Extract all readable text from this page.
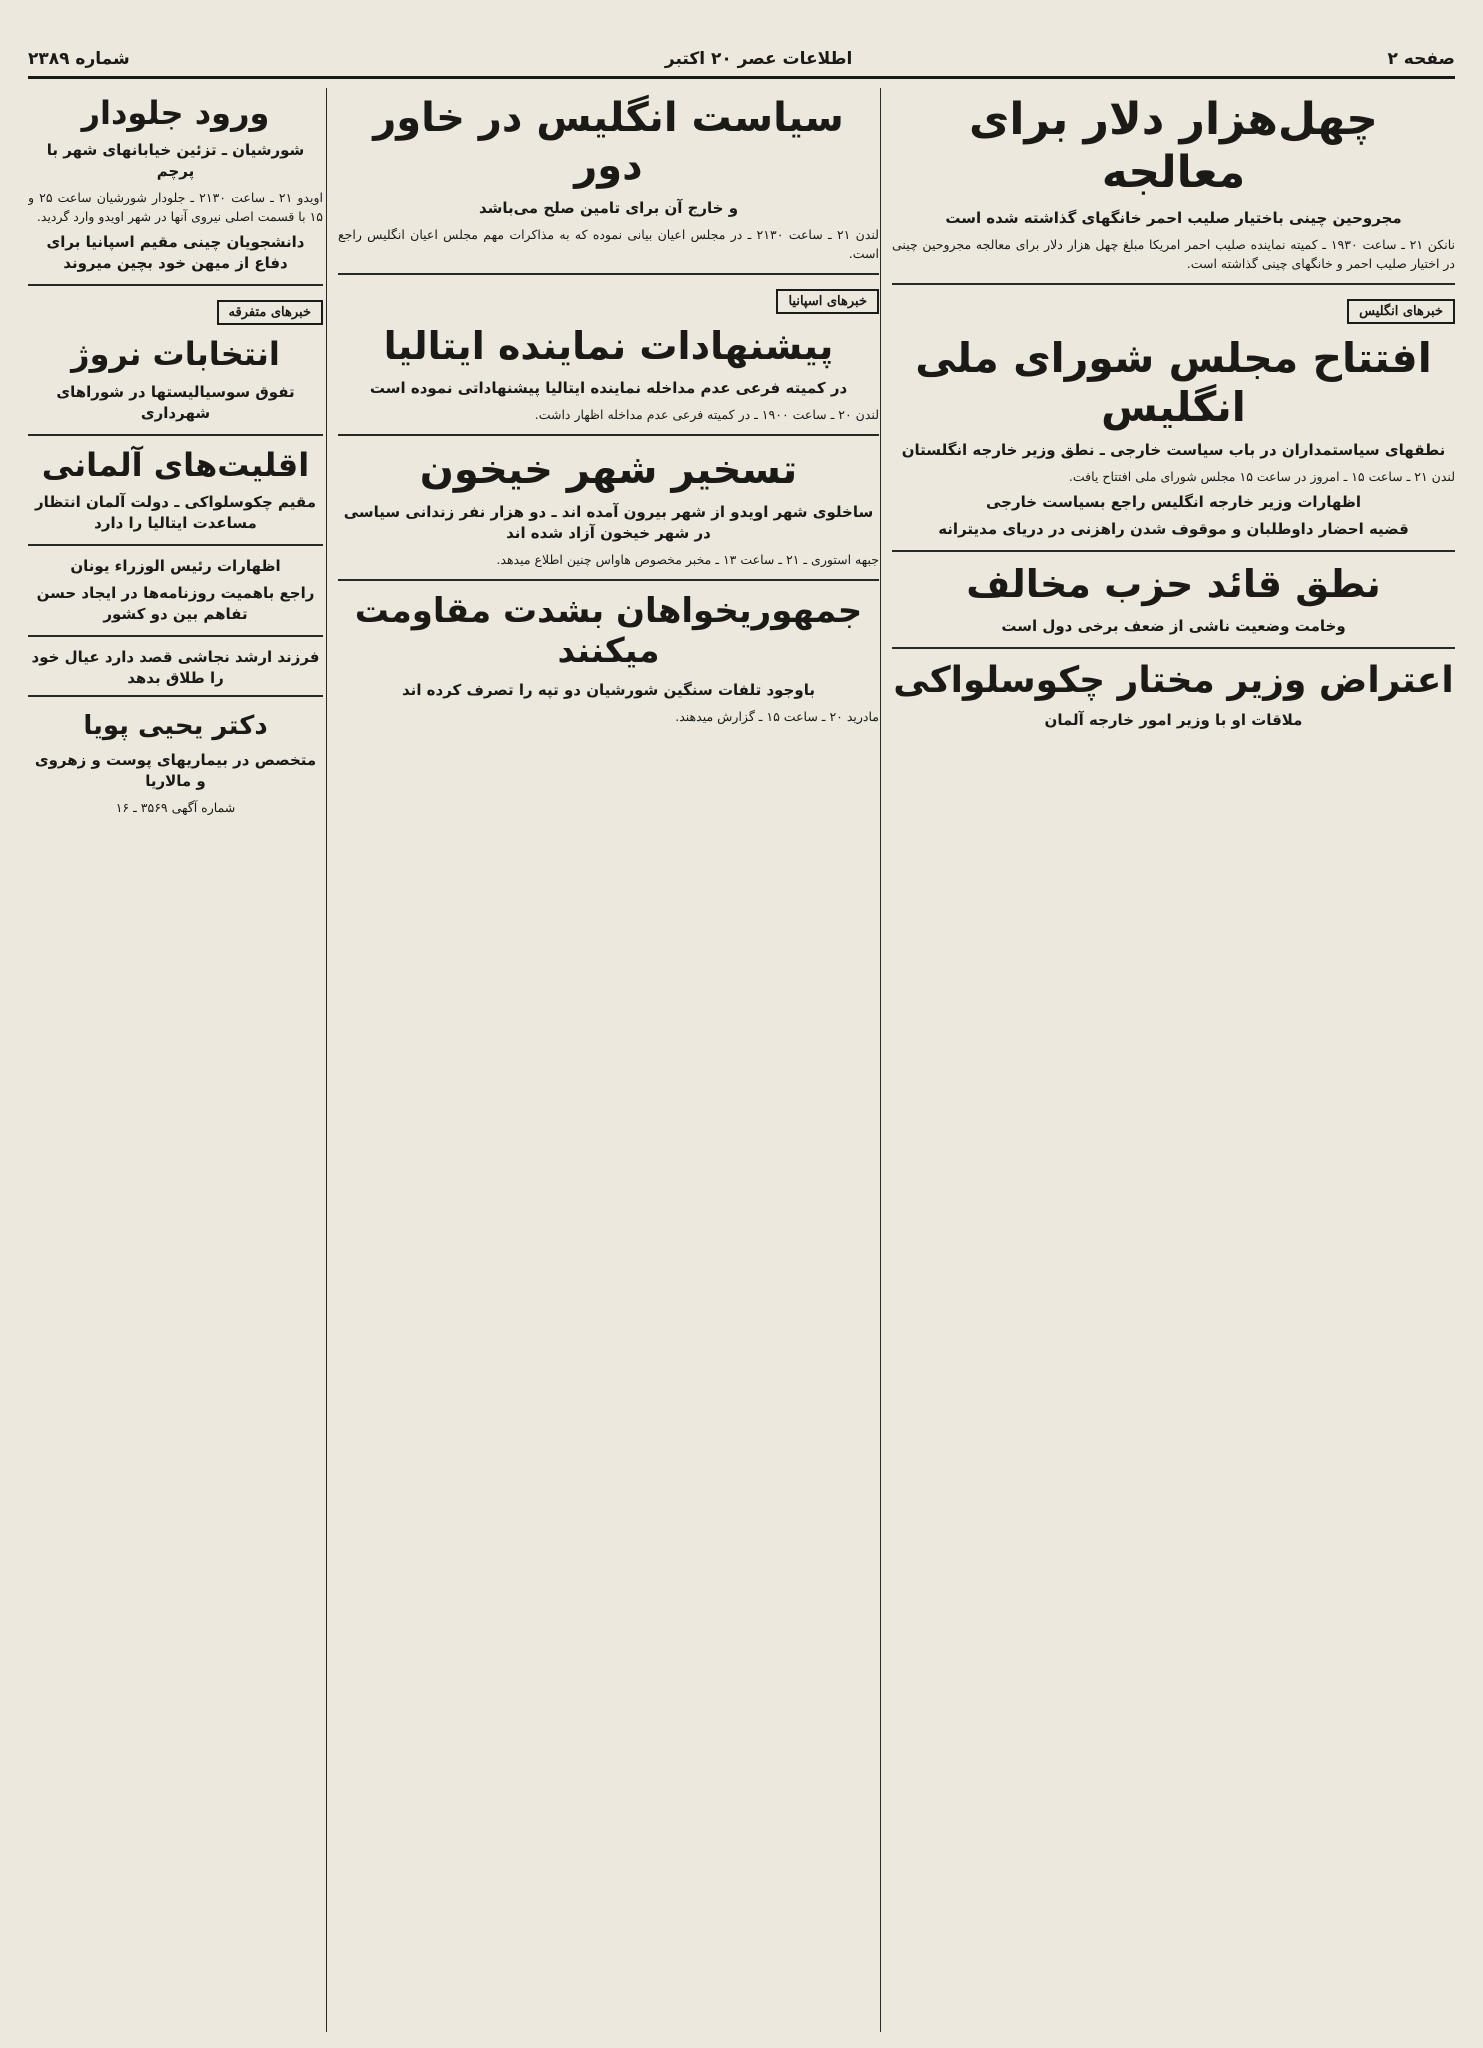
صفحه ۲
اطلاعات عصر ۲۰ اکتبر
شماره ۲۳۸۹
چهل‌هزار دلار برای معالجه
مجروحین چینی باختیار صلیب احمر خانگهای گذاشته شده است

نانکن ۲۱ ـ ساعت ۱۹۳۰ ـ کمیته نماینده صلیب احمر امریکا مبلغ چهل هزار دلار برای معالجه مجروحین چینی در اختیار صلیب احمر و خانگهای چینی گذاشته است.

خبرهای انگلیس
افتتاح مجلس شورای ملی انگلیس
نطقهای سیاستمداران در باب سیاست خارجی ـ نطق وزیر خارجه انگلستان

لندن ۲۱ ـ ساعت ۱۵ ـ امروز در ساعت ۱۵ مجلس شورای ملی افتتاح یافت.

اظهارات وزیر خارجه انگلیس راجع بسیاست خارجی
قضیه احضار داوطلبان و موقوف شدن راهزنی در دریای مدیترانه
نطق قائد حزب مخالف
وخامت وضعیت ناشی از ضعف برخی دول است
اعتراض وزیر مختار چکوسلواکی
ملاقات او با وزیر امور خارجه آلمان
سیاست انگلیس در خاور دور
و خارج آن برای تامین صلح می‌باشد

لندن ۲۱ ـ ساعت ۲۱۳۰ ـ در مجلس اعیان بیانی نموده که به مذاکرات مهم مجلس اعیان انگلیس راجع است.

خبرهای اسپانیا
پیشنهادات نماینده ایتالیا
در کمیته فرعی عدم مداخله نماینده ایتالیا پیشنهاداتی نموده است

لندن ۲۰ ـ ساعت ۱۹۰۰ ـ در کمیته فرعی عدم مداخله اظهار داشت.

تسخیر شهر خیخون
ساخلوی شهر اویدو از شهر بیرون آمده اند ـ دو هزار نفر زندانی سیاسی در شهر خیخون آزاد شده اند

جبهه استوری ـ ۲۱ ـ ساعت ۱۳ ـ مخبر مخصوص هاواس چنین اطلاع میدهد.

جمهوریخواهان بشدت مقاومت میکنند
باوجود تلفات سنگین شورشیان دو تپه را تصرف کرده اند

مادرید ۲۰ ـ ساعت ۱۵ ـ گزارش میدهند.

ورود جلودار
شورشیان ـ تزئین خیابانهای شهر با پرچم

اویدو ۲۱ ـ ساعت ۲۱۳۰ ـ جلودار شورشیان ساعت ۲۵ و ۱۵ با قسمت اصلی نیروی آنها در شهر اویدو وارد گردید.

دانشجویان چینی مقیم اسپانیا برای دفاع از میهن خود بچین میروند
خبرهای متفرقه
انتخابات نروژ
تفوق سوسیالیستها در شوراهای شهرداری
اقلیت‌های آلمانی
مقیم چکوسلواکی ـ دولت آلمان انتظار مساعدت ایتالیا را دارد
اظهارات رئیس الوزراء یونان
راجع باهمیت روزنامه‌ها در ایجاد حسن تفاهم بین دو کشور
فرزند ارشد نجاشی قصد دارد عیال خود را طلاق بدهد
دکتر یحیی پویا
متخصص در بیماریهای پوست و زهروی و مالاریا
شماره آگهی ۳۵۶۹ ـ ۱۶
